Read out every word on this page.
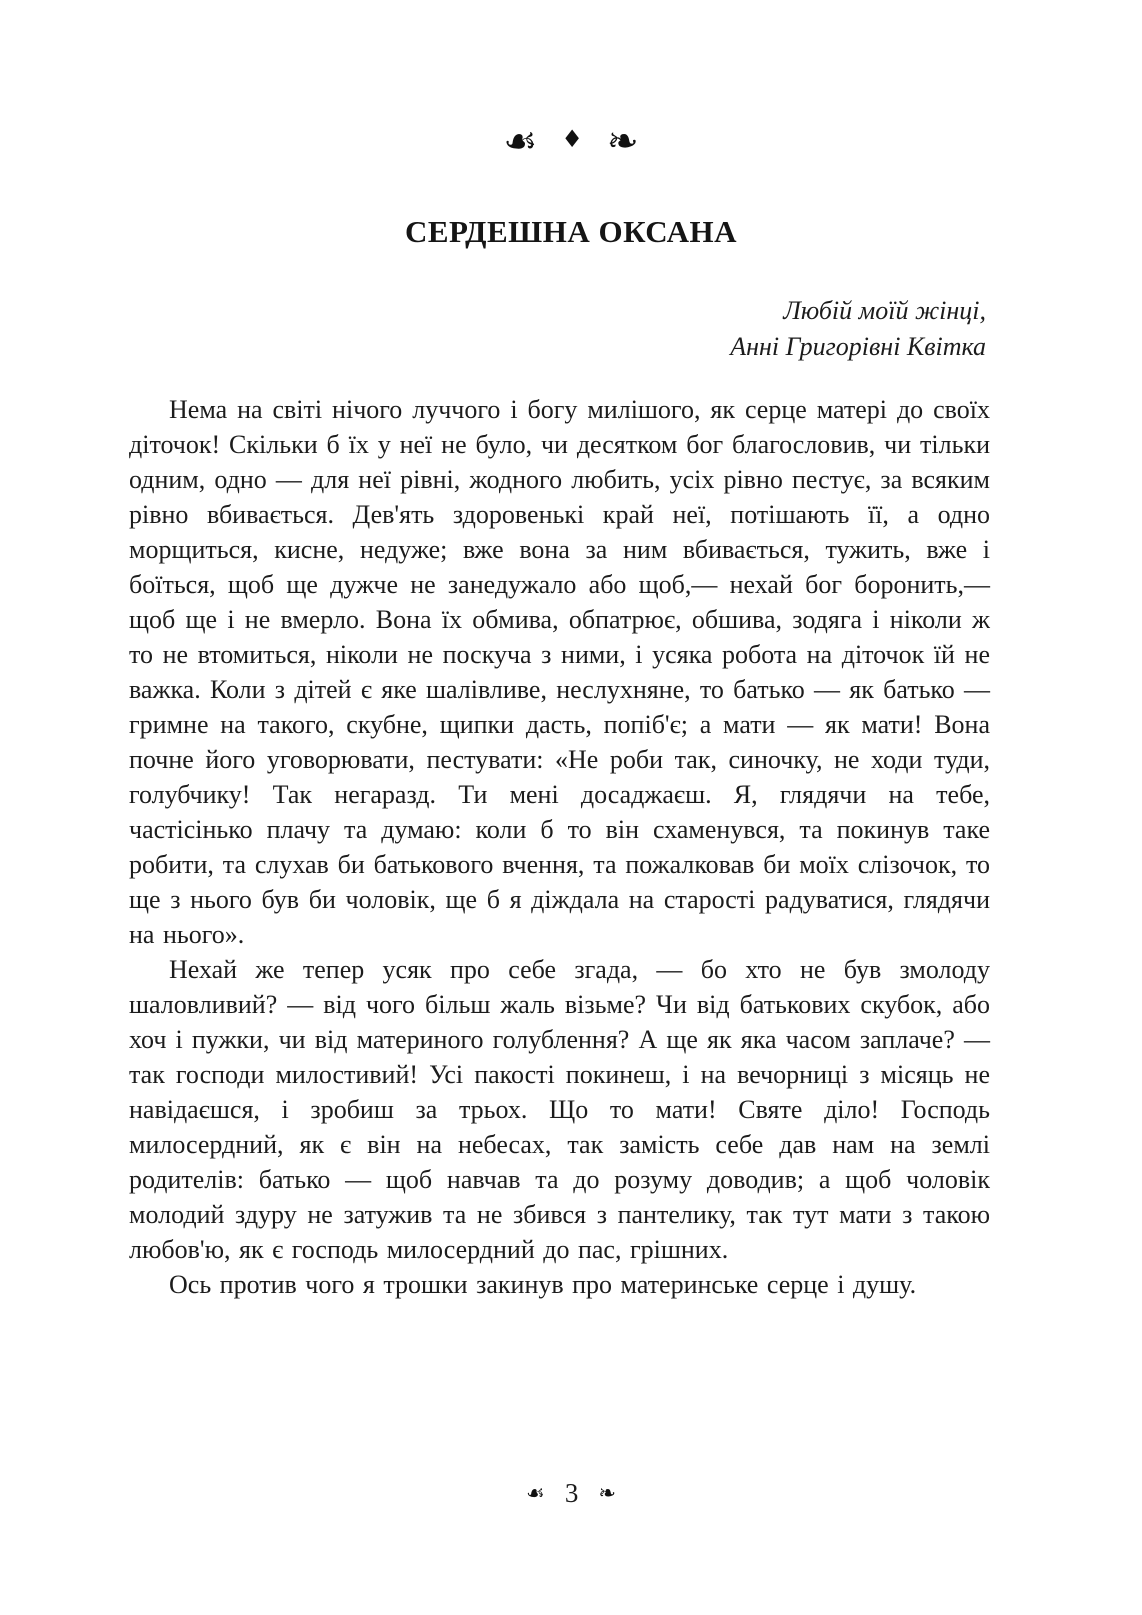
☙ ♦ ❧
СЕРДЕШНА ОКСАНА
Любій моїй жінці,
Анні Григорівні Квітка

Нема на світі нічого луччого і богу милішого, як серце матері до своїх діточок! Скільки б їх у неї не було, чи десятком бог благословив, чи тільки одним, одно — для неї рівні, жодного любить, усіх рівно пестує, за всяким рівно вбивається. Дев'ять здоровенькі край неї, потішають її, а одно морщиться, кисне, недуже; вже вона за ним вбивається, тужить, вже і боїться, щоб ще дужче не занедужало або щоб,— нехай бог боронить,— щоб ще і не вмерло. Вона їх обмива, обпатрює, обшива, зодяга і ніколи ж то не втомиться, ніколи не поскуча з ними, і усяка робота на діточок їй не важка. Коли з дітей є яке шалівливе, неслухняне, то батько — як батько — гримне на такого, скубне, щипки дасть, попіб'є; а мати — як мати! Вона почне його уговорювати, пестувати: «Не роби так, синочку, не ходи туди, голубчику! Так негаразд. Ти мені досаджаєш. Я, глядячи на тебе, частісінько плачу та думаю: коли б то він схаменувся, та покинув таке робити, та слухав би батькового вчення, та пожалковав би моїх слізочок, то ще з нього був би чоловік, ще б я діждала на старості радуватися, глядячи на нього».

Нехай же тепер усяк про себе згада, — бо хто не був змолоду шаловливий? — від чого більш жаль візьме? Чи від батькових скубок, або хоч і пужки, чи від материного голублення? А ще як яка часом заплаче? — так господи милостивий! Усі пакості покинеш, і на вечорниці з місяць не навідаєшся, і зробиш за трьох. Що то мати! Святе діло! Господь милосердний, як є він на небесах, так замість себе дав нам на землі родителів: батько — щоб навчав та до розуму доводив; а щоб чоловік молодий здуру не затужив та не збився з пантелику, так тут мати з такою любов'ю, як є господь милосердний до пас, грішних.

Ось против чого я трошки закинув про материнське серце і душу.

☙ 3 ❧
